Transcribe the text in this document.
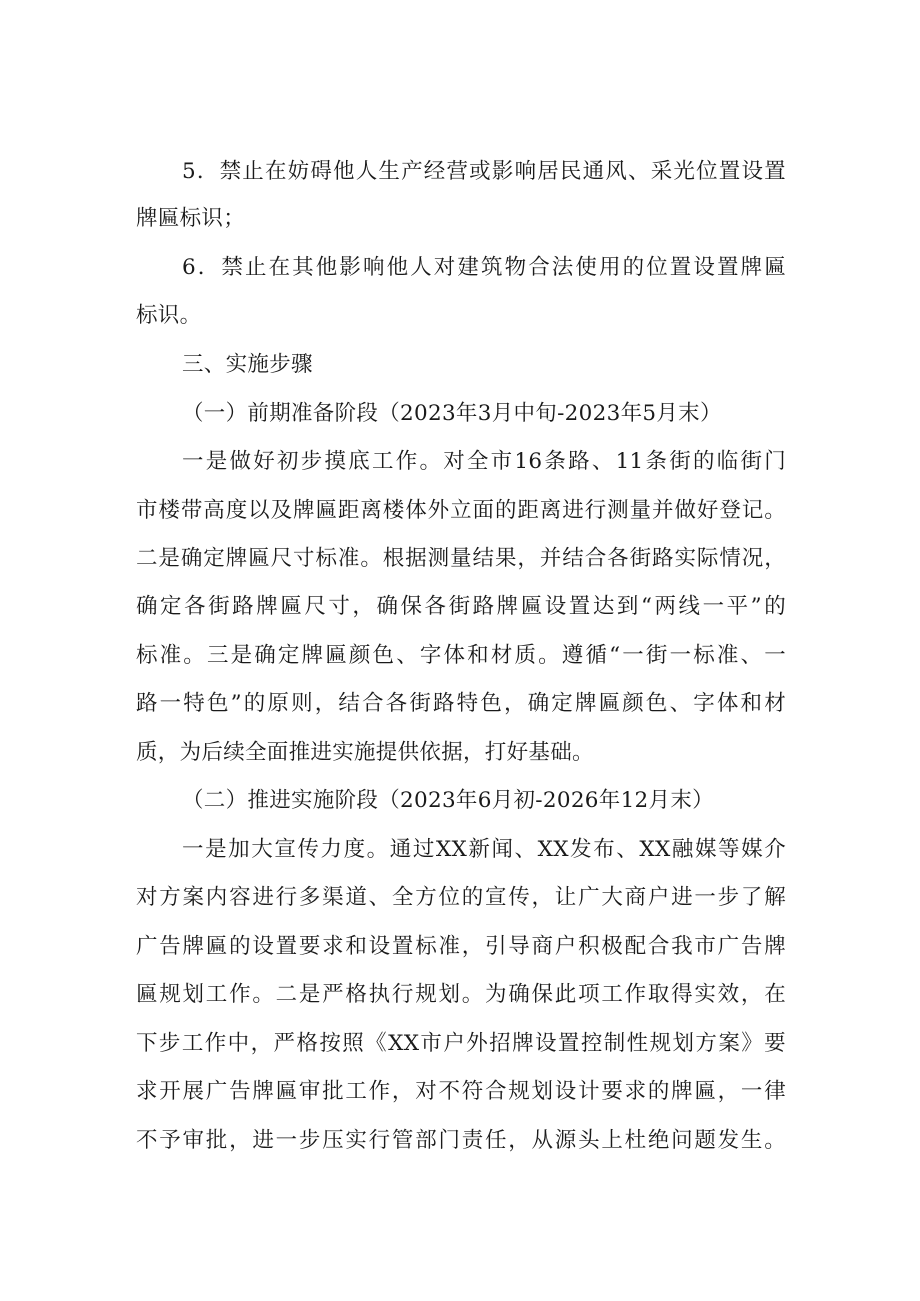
5．禁止在妨碍他人生产经营或影响居民通风、采光位置设置
牌匾标识；
6．禁止在其他影响他人对建筑物合法使用的位置设置牌匾
标识。
三、实施步骤
（一）前期准备阶段（2023年3月中旬-2023年5月末）
一是做好初步摸底工作。对全市16条路、11条街的临街门
市楼带高度以及牌匾距离楼体外立面的距离进行测量并做好登记。
二是确定牌匾尺寸标准。根据测量结果，并结合各街路实际情况，
确定各街路牌匾尺寸，确保各街路牌匾设置达到“两线一平”的
标准。三是确定牌匾颜色、字体和材质。遵循“一街一标准、一
路一特色”的原则，结合各街路特色，确定牌匾颜色、字体和材
质，为后续全面推进实施提供依据，打好基础。
（二）推进实施阶段（2023年6月初-2026年12月末）
一是加大宣传力度。通过XX新闻、XX发布、XX融媒等媒介
对方案内容进行多渠道、全方位的宣传，让广大商户进一步了解
广告牌匾的设置要求和设置标准，引导商户积极配合我市广告牌
匾规划工作。二是严格执行规划。为确保此项工作取得实效，在
下步工作中，严格按照《XX市户外招牌设置控制性规划方案》要
求开展广告牌匾审批工作，对不符合规划设计要求的牌匾，一律
不予审批，进一步压实行管部门责任，从源头上杜绝问题发生。
